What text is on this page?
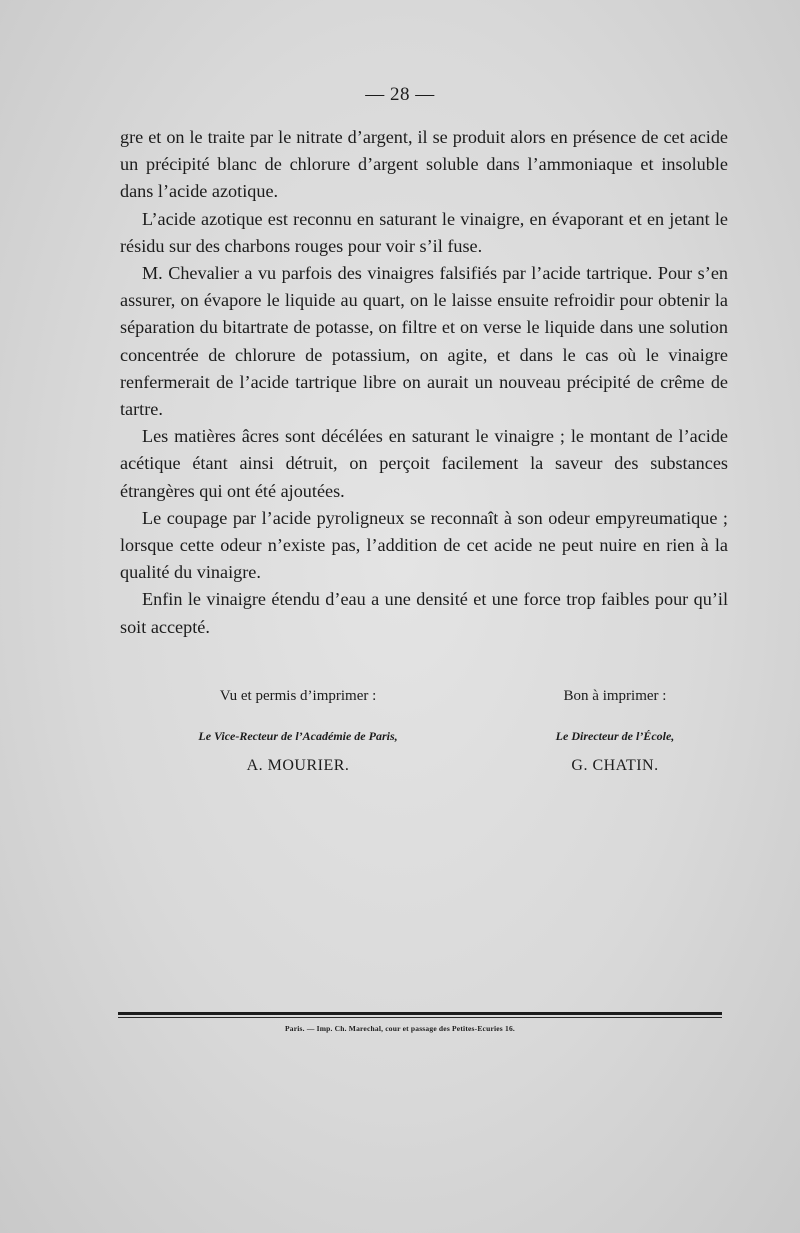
— 28 —

gre et on le traite par le nitrate d’argent, il se produit alors en présence de cet acide un précipité blanc de chlorure d’argent soluble dans l’ammoniaque et insoluble dans l’acide azotique.

L’acide azotique est reconnu en saturant le vinaigre, en évaporant et en jetant le résidu sur des charbons rouges pour voir s’il fuse.

M. Chevalier a vu parfois des vinaigres falsifiés par l’acide tartrique. Pour s’en assurer, on évapore le liquide au quart, on le laisse ensuite refroidir pour obtenir la séparation du bitartrate de potasse, on filtre et on verse le liquide dans une solution concentrée de chlorure de potassium, on agite, et dans le cas où le vinaigre renfermerait de l’acide tartrique libre on aurait un nouveau précipité de crême de tartre.

Les matières âcres sont décélées en saturant le vinaigre ; le montant de l’acide acétique étant ainsi détruit, on perçoit facilement la saveur des substances étrangères qui ont été ajoutées.

Le coupage par l’acide pyroligneux se reconnaît à son odeur empyreumatique ; lorsque cette odeur n’existe pas, l’addition de cet acide ne peut nuire en rien à la qualité du vinaigre.

Enfin le vinaigre étendu d’eau a une densité et une force trop faibles pour qu’il soit accepté.

Vu et permis d’imprimer :
Le Vice-Recteur de l’Académie de Paris,
A. MOURIER.
Bon à imprimer :
Le Directeur de l’École,
G. CHATIN.
Paris. — Imp. Ch. Marechal, cour et passage des Petites-Ecuries 16.
